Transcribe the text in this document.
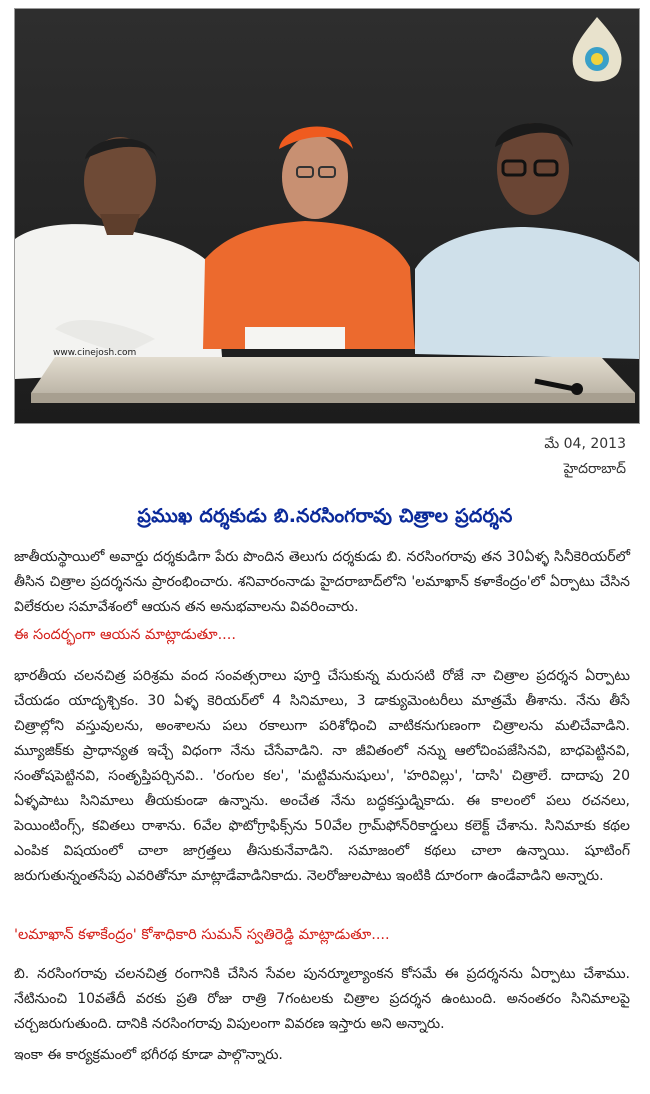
www.cinejosh.com
మే 04, 2013
హైదరాబాద్
ప్రముఖ దర్శకుడు బి.నరసింగరావు చిత్రాల ప్రదర్శన
జాతీయస్థాయిలో అవార్డు దర్శకుడిగా పేరు పొందిన తెలుగు దర్శకుడు బి. నరసింగరావు తన 30ఏళ్ళ సినీకెరియర్‌లో తీసిన చిత్రాల ప్రదర్శనను ప్రారంభించారు. శనివారంనాడు హైదరాబాద్‌లోని 'లమాఖాన్ కళాకేంద్రం'లో ఏర్పాటు చేసిన విలేకరుల సమావేశంలో ఆయన తన అనుభవాలను వివరించారు.
ఈ సందర్భంగా ఆయన మాట్లాడుతూ....
భారతీయ చలనచిత్ర పరిశ్రమ వంద సంవత్సరాలు పూర్తి చేసుకున్న మరుసటి రోజే నా చిత్రాల ప్రదర్శన ఏర్పాటు చేయడం యాదృశ్చికం. 30 ఏళ్ళ కెరియర్‌లో 4 సినిమాలు, 3 డాక్యుమెంటరీలు మాత్రమే తీశాను. నేను తీసే చిత్రాల్లోని వస్తువులను, అంశాలను పలు రకాలుగా పరిశోధించి వాటికనుగుణంగా చిత్రాలను మలిచేవాడిని. మ్యూజిక్‌కు ప్రాధాన్యత ఇచ్చే విధంగా నేను చేసేవాడిని. నా జీవితంలో నన్ను ఆలోచింపజేసినవి, బాధపెట్టినవి, సంతోషపెట్టినవి, సంతృప్తిపర్చినవి.. 'రంగుల కల', 'మట్టిమనుషులు', 'హరివిల్లు', 'దాసి' చిత్రాలే. దాదాపు 20 ఏళ్ళపాటు సినిమాలు తీయకుండా ఉన్నాను. అంచేత నేను బద్ధకస్తుడ్నికాదు. ఈ కాలంలో పలు రచనలు, పెయింటింగ్స్, కవితలు రాశాను. 6వేల ఫొటోగ్రాఫిక్స్‌ను 50వేల గ్రామ్‌ఫోన్‌రికార్డులు కలెక్ట్ చేశాను. సినిమాకు కథల ఎంపిక విషయంలో చాలా జాగ్రత్తలు తీసుకునేవాడిని. సమాజంలో కథలు చాలా ఉన్నాయి. షూటింగ్ జరుగుతున్నంతసేపు ఎవరితోనూ మాట్లాడేవాడినికాదు. నెలరోజులపాటు ఇంటికి దూరంగా ఉండేవాడిని అన్నారు.
'లమాఖాన్ కళాకేంద్రం' కోశాధికారి సుమన్ స్వతిరెడ్డి మాట్లాడుతూ....
బి. నరసింగరావు చలనచిత్ర రంగానికి చేసిన సేవల పునర్మూల్యాంకన కోసమే ఈ ప్రదర్శనను ఏర్పాటు చేశాము. నేటినుంచి 10వతేదీ వరకు ప్రతి రోజు రాత్రి 7గంటలకు చిత్రాల ప్రదర్శన ఉంటుంది. అనంతరం సినిమాలపై చర్చజరుగుతుంది. దానికి నరసింగరావు విపులంగా వివరణ ఇస్తారు అని అన్నారు.
ఇంకా ఈ కార్యక్రమంలో భగీరథ కూడా పాల్గొన్నారు.
